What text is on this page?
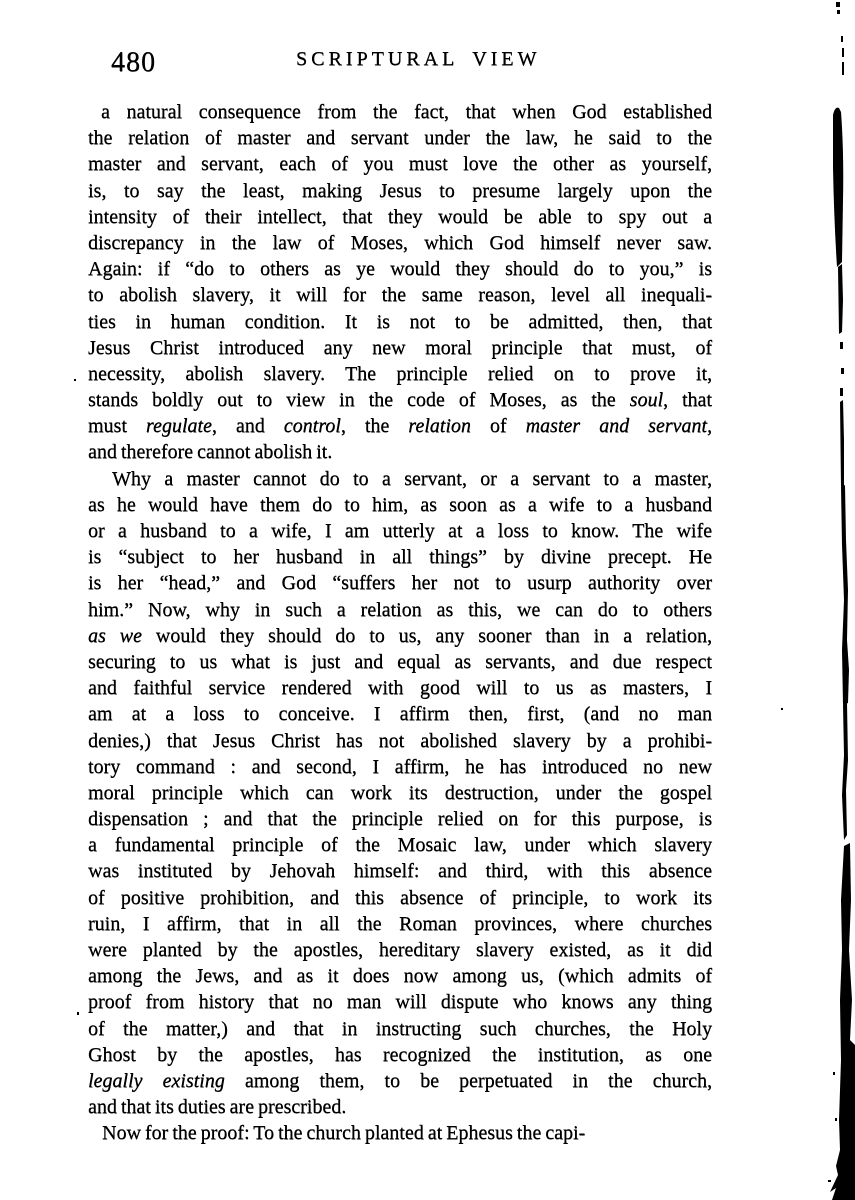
480	SCRIPTURAL VIEW
a natural consequence from the fact, that when God established
the relation of master and servant under the law, he said to the
master and servant, each of you must love the other as yourself,
is, to say the least, making Jesus to presume largely upon the
intensity of their intellect, that they would be able to spy out a
discrepancy in the law of Moses, which God himself never saw.
Again: if “do to others as ye would they should do to you,” is
to abolish slavery, it will for the same reason, level all inequali-
ties in human condition. It is not to be admitted, then, that
Jesus Christ introduced any new moral principle that must, of
necessity, abolish slavery. The principle relied on to prove it,
stands boldly out to view in the code of Moses, as the soul, that
must regulate, and control, the relation of master and servant,
and therefore cannot abolish it.
Why a master cannot do to a servant, or a servant to a master,
as he would have them do to him, as soon as a wife to a husband
or a husband to a wife, I am utterly at a loss to know. The wife
is “subject to her husband in all things” by divine precept. He
is her “head,” and God “suffers her not to usurp authority over
him.” Now, why in such a relation as this, we can do to others
as we would they should do to us, any sooner than in a relation,
securing to us what is just and equal as servants, and due respect
and faithful service rendered with good will to us as masters, I
am at a loss to conceive. I affirm then, first, (and no man
denies,) that Jesus Christ has not abolished slavery by a prohibi-
tory command : and second, I affirm, he has introduced no new
moral principle which can work its destruction, under the gospel
dispensation ; and that the principle relied on for this purpose, is
a fundamental principle of the Mosaic law, under which slavery
was instituted by Jehovah himself: and third, with this absence
of positive prohibition, and this absence of principle, to work its
ruin, I affirm, that in all the Roman provinces, where churches
were planted by the apostles, hereditary slavery existed, as it did
among the Jews, and as it does now among us, (which admits of
proof from history that no man will dispute who knows any thing
of the matter,) and that in instructing such churches, the Holy
Ghost by the apostles, has recognized the institution, as one
legally existing among them, to be perpetuated in the church,
and that its duties are prescribed.
Now for the proof: To the church planted at Ephesus the capi-
